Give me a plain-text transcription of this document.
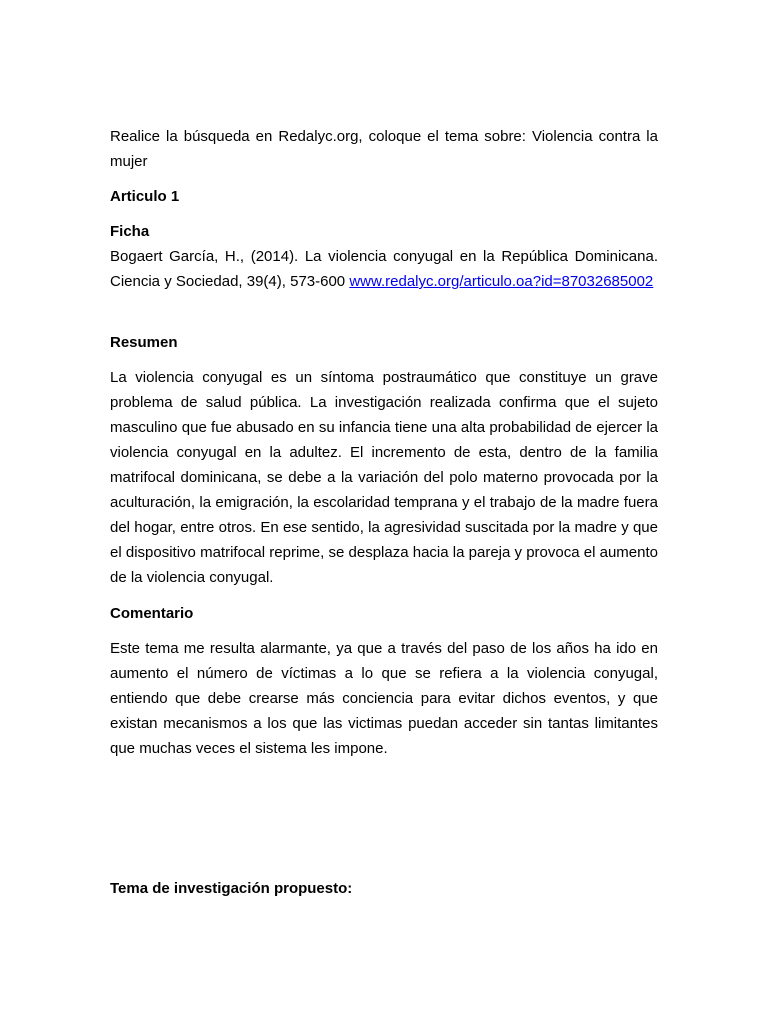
Realice la búsqueda en Redalyc.org, coloque el tema sobre: Violencia contra la mujer

Articulo 1

Ficha

Bogaert García, H., (2014). La violencia conyugal en la República Dominicana. Ciencia y Sociedad, 39(4), 573-600 www.redalyc.org/articulo.oa?id=87032685002

Resumen

La violencia conyugal es un síntoma postraumático que constituye un grave problema de salud pública. La investigación realizada confirma que el sujeto masculino que fue abusado en su infancia tiene una alta probabilidad de ejercer la violencia conyugal en la adultez. El incremento de esta, dentro de la familia matrifocal dominicana, se debe a la variación del polo materno provocada por la aculturación, la emigración, la escolaridad temprana y el trabajo de la madre fuera del hogar, entre otros. En ese sentido, la agresividad suscitada por la madre y que el dispositivo matrifocal reprime, se desplaza hacia la pareja y provoca el aumento de la violencia conyugal.

Comentario

Este tema me resulta alarmante, ya que a través del paso de los años ha ido en aumento el número de víctimas a lo que se refiera a la violencia conyugal, entiendo que debe crearse más conciencia para evitar dichos eventos, y que existan mecanismos a los que las victimas puedan acceder sin tantas limitantes que muchas veces el sistema les impone.

Tema de investigación propuesto:
